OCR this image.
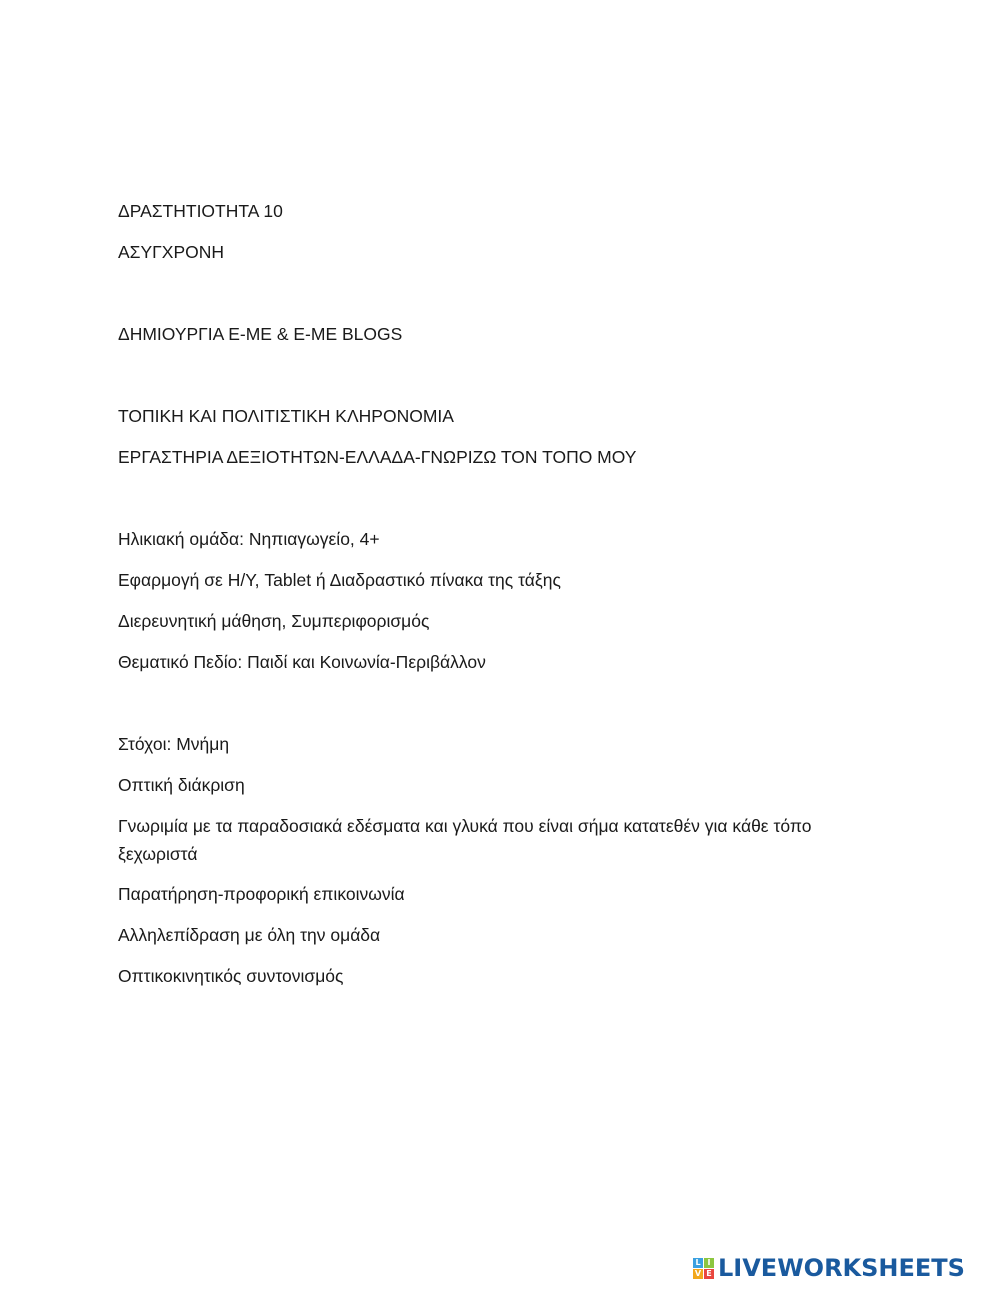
ΔΡΑΣΤΗΤΙΟΤΗΤΑ 10
ΑΣΥΓΧΡΟΝΗ
ΔΗΜΙΟΥΡΓΙΑ Ε-ΜΕ & Ε-ΜΕ BLOGS
ΤΟΠΙΚΗ ΚΑΙ ΠΟΛΙΤΙΣΤΙΚΗ ΚΛΗΡΟΝΟΜΙΑ
ΕΡΓΑΣΤΗΡΙΑ ΔΕΞΙΟΤΗΤΩΝ-ΕΛΛΑΔΑ-ΓΝΩΡΙΖΩ ΤΟΝ ΤΟΠΟ ΜΟΥ
Ηλικιακή ομάδα: Νηπιαγωγείο, 4+
Εφαρμογή σε Η/Υ, Tablet ή Διαδραστικό πίνακα της τάξης
Διερευνητική μάθηση, Συμπεριφορισμός
Θεματικό Πεδίο: Παιδί και Κοινωνία-Περιβάλλον
Στόχοι: Μνήμη
Οπτική διάκριση
Γνωριμία με τα παραδοσιακά εδέσματα και γλυκά που είναι σήμα κατατεθέν για κάθε τόπο ξεχωριστά
Παρατήρηση-προφορική επικοινωνία
Αλληλεπίδραση με όλη την ομάδα
Οπτικοκινητικός συντονισμός
L I
V E LIVEWORKSHEETS
